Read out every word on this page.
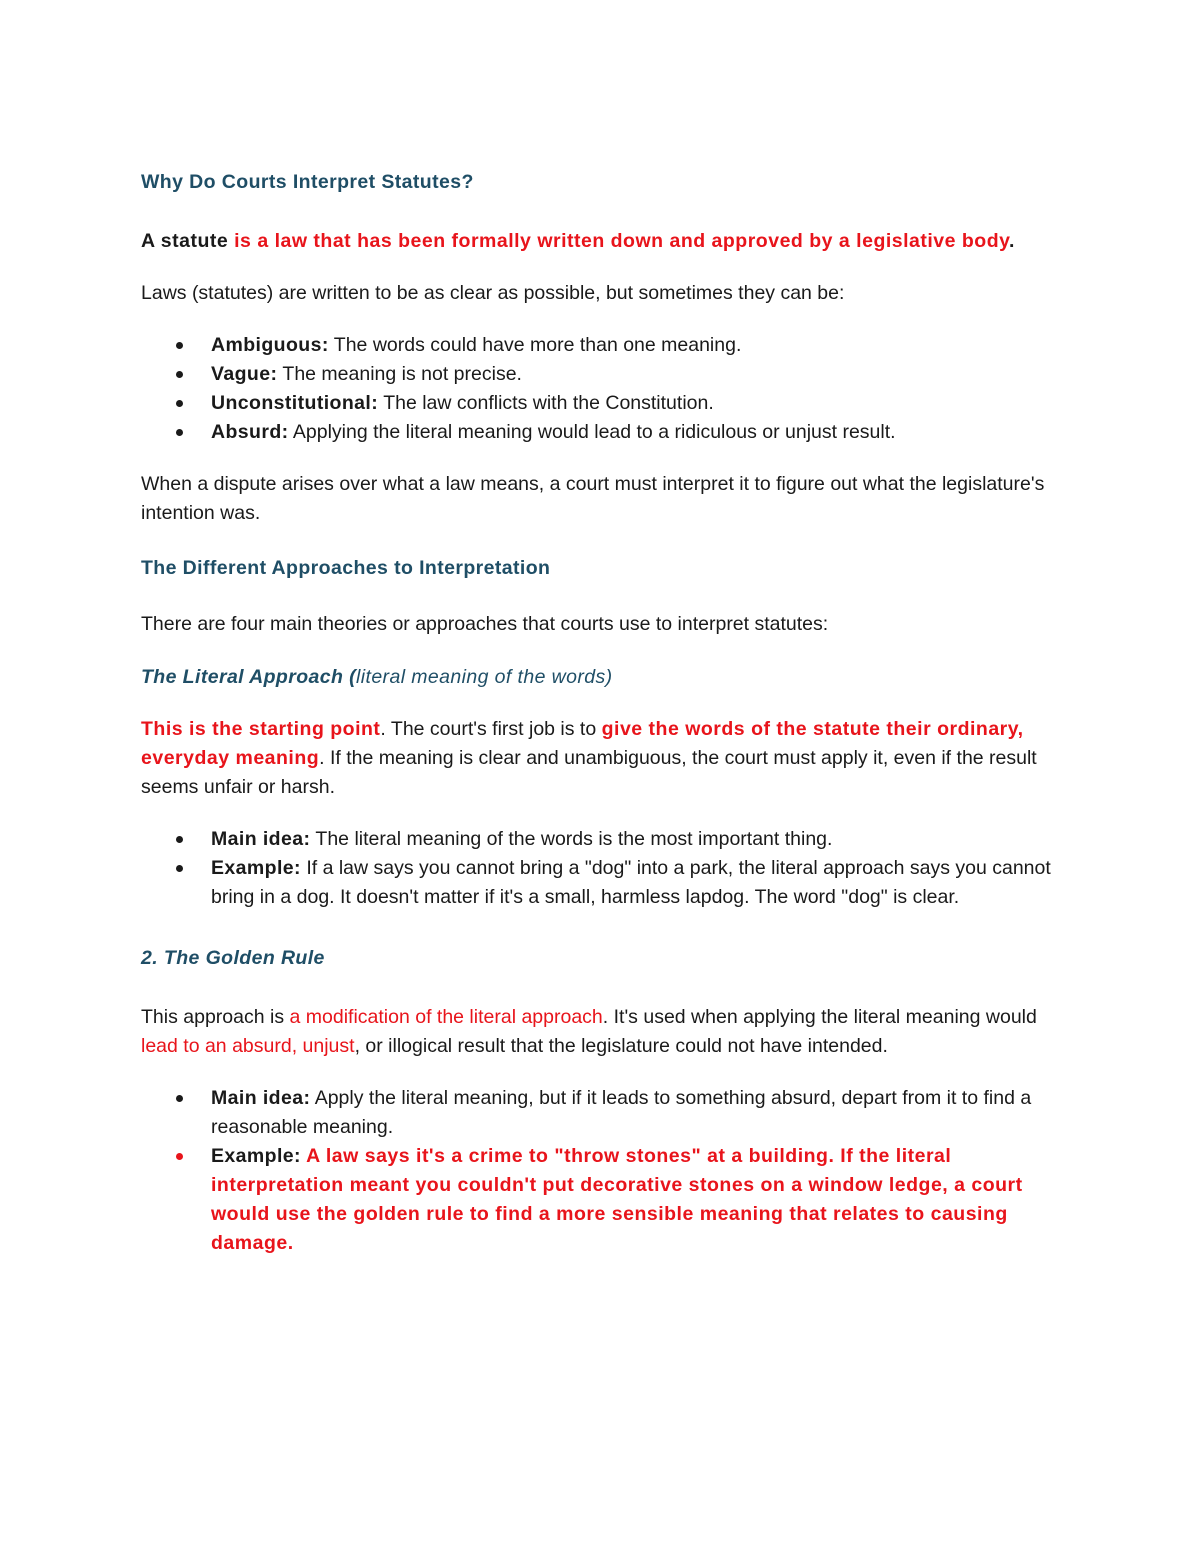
Why Do Courts Interpret Statutes?

A statute is a law that has been formally written down and approved by a legislative body.

Laws (statutes) are written to be as clear as possible, but sometimes they can be:

Ambiguous: The words could have more than one meaning.
Vague: The meaning is not precise.
Unconstitutional: The law conflicts with the Constitution.
Absurd: Applying the literal meaning would lead to a ridiculous or unjust result.

When a dispute arises over what a law means, a court must interpret it to figure out what the legislature's intention was.

The Different Approaches to Interpretation

There are four main theories or approaches that courts use to interpret statutes:

The Literal Approach (literal meaning of the words)

This is the starting point. The court's first job is to give the words of the statute their ordinary, everyday meaning. If the meaning is clear and unambiguous, the court must apply it, even if the result seems unfair or harsh.

Main idea: The literal meaning of the words is the most important thing.
Example: If a law says you cannot bring a "dog" into a park, the literal approach says you cannot bring in a dog. It doesn't matter if it's a small, harmless lapdog. The word "dog" is clear.
2. The Golden Rule

This approach is a modification of the literal approach. It's used when applying the literal meaning would lead to an absurd, unjust, or illogical result that the legislature could not have intended.

Main idea: Apply the literal meaning, but if it leads to something absurd, depart from it to find a reasonable meaning.
Example: A law says it's a crime to "throw stones" at a building. If the literal interpretation meant you couldn't put decorative stones on a window ledge, a court would use the golden rule to find a more sensible meaning that relates to causing damage.
